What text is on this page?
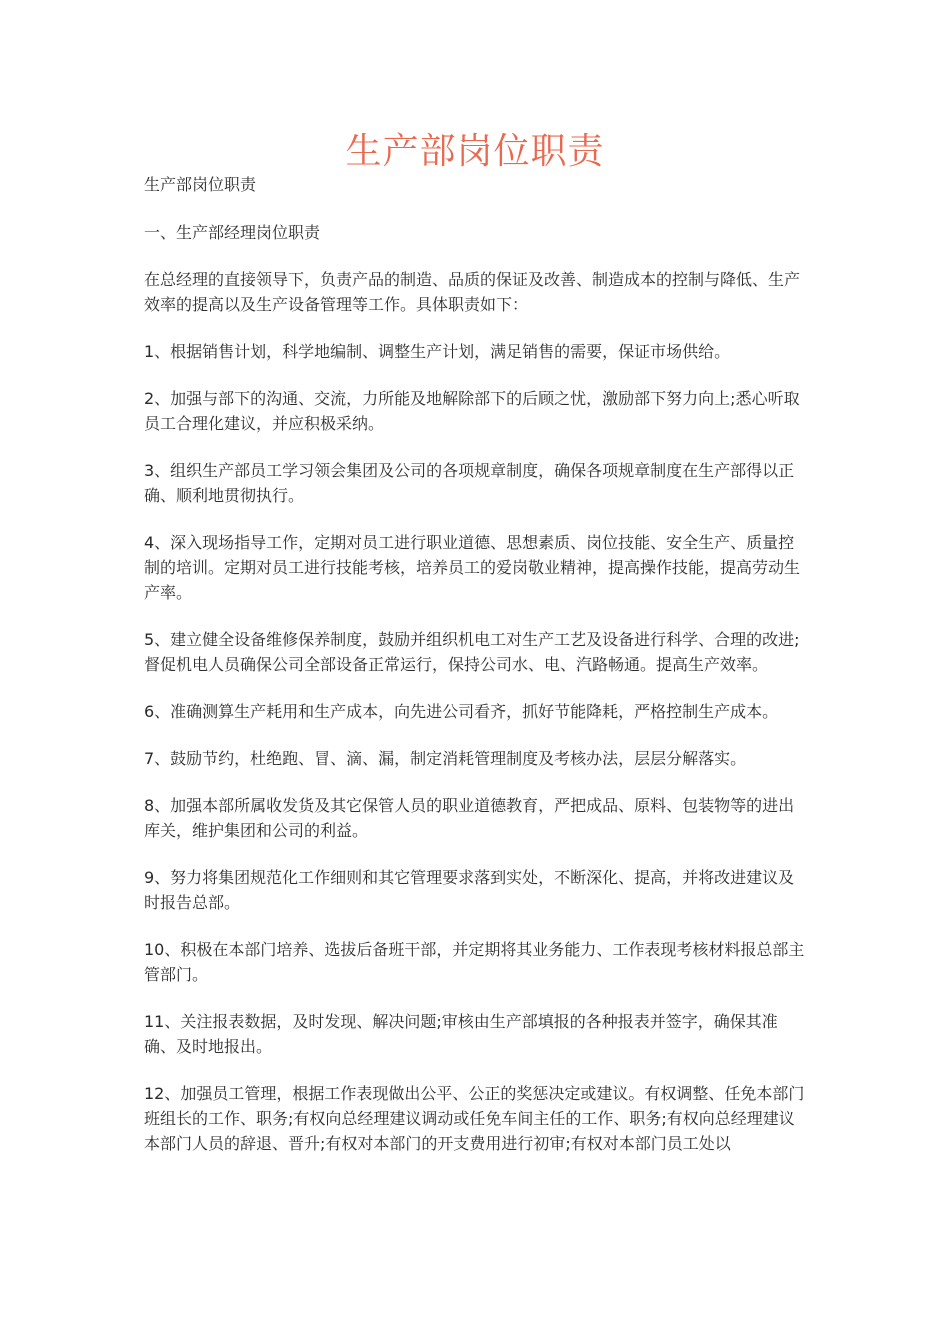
生产部岗位职责

生产部岗位职责

一、生产部经理岗位职责

在总经理的直接领导下，负责产品的制造、品质的保证及改善、制造成本的控制与降低、生产效率的提高以及生产设备管理等工作。具体职责如下：

1、根据销售计划，科学地编制、调整生产计划，满足销售的需要，保证市场供给。

2、加强与部下的沟通、交流，力所能及地解除部下的后顾之忧，激励部下努力向上;悉心听取员工合理化建议，并应积极采纳。

3、组织生产部员工学习领会集团及公司的各项规章制度，确保各项规章制度在生产部得以正确、顺利地贯彻执行。

4、深入现场指导工作，定期对员工进行职业道德、思想素质、岗位技能、安全生产、质量控制的培训。定期对员工进行技能考核，培养员工的爱岗敬业精神，提高操作技能，提高劳动生产率。

5、建立健全设备维修保养制度，鼓励并组织机电工对生产工艺及设备进行科学、合理的改进;督促机电人员确保公司全部设备正常运行，保持公司水、电、汽路畅通。提高生产效率。

6、准确测算生产耗用和生产成本，向先进公司看齐，抓好节能降耗，严格控制生产成本。

7、鼓励节约，杜绝跑、冒、滴、漏，制定消耗管理制度及考核办法，层层分解落实。

8、加强本部所属收发货及其它保管人员的职业道德教育，严把成品、原料、包装物等的进出库关，维护集团和公司的利益。

9、努力将集团规范化工作细则和其它管理要求落到实处，不断深化、提高，并将改进建议及时报告总部。

10、积极在本部门培养、选拔后备班干部，并定期将其业务能力、工作表现考核材料报总部主管部门。

11、关注报表数据，及时发现、解决问题;审核由生产部填报的各种报表并签字，确保其准确、及时地报出。

12、加强员工管理，根据工作表现做出公平、公正的奖惩决定或建议。有权调整、任免本部门班组长的工作、职务;有权向总经理建议调动或任免车间主任的工作、职务;有权向总经理建议本部门人员的辞退、晋升;有权对本部门的开支费用进行初审;有权对本部门员工处以
